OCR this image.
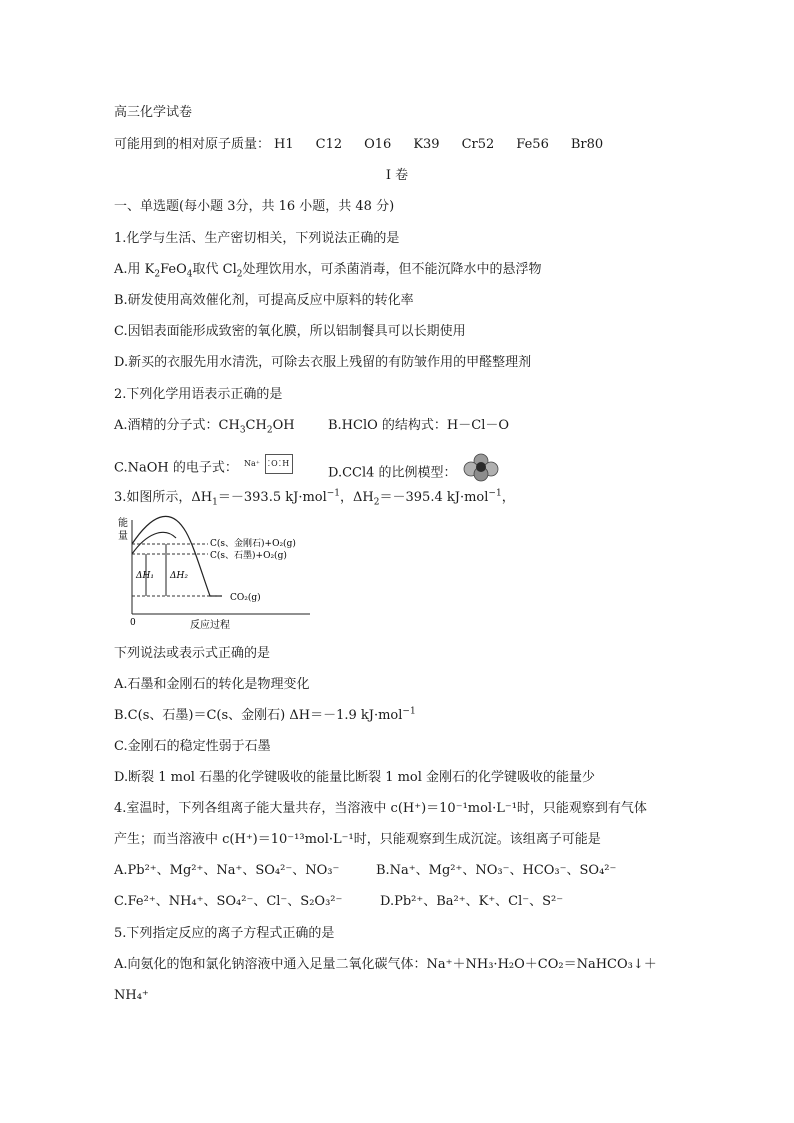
高三化学试卷
可能用到的相对原子质量： H1 C12 O16 K39 Cr52 Fe56 Br80
I 卷
一、单选题(每小题 3分，共 16 小题，共 48 分)
1.化学与生活、生产密切相关，下列说法正确的是
A.用 $K_2FeO_4$取代 $Cl_2$处理饮用水，可杀菌消毒，但不能沉降水中的悬浮物
B.研发使用高效催化剂，可提高反应中原料的转化率
C.因铝表面能形成致密的氧化膜，所以铝制餐具可以长期使用
D.新买的衣服先用水清洗，可除去衣服上残留的有防皱作用的甲醛整理剂
2.下列化学用语表示正确的是
A.酒精的分子式：$CH_3CH_2OH$	B.HClO 的结构式：H－Cl－O
C.NaOH 的电子式： Na⁺ ⁚O⁚H
D.CCl4 的比例模型：
3.如图所示，$\Delta H_1=-393.5$ kJ·mol$^{-1}$，$\Delta H_2=-395.4$ kJ·mol$^{-1}$，
能
量
0	反应过程
ΔH₁ ΔH₂
C(s、金刚石)+O₂(g)
C(s、石墨)+O₂(g)
CO₂(g)
下列说法或表示式正确的是
A.石墨和金刚石的转化是物理变化
B.C(s、石墨)＝C(s、金刚石) ΔH＝－1.9 kJ·mol$^{-1}$
C.金刚石的稳定性弱于石墨
D.断裂 1 mol 石墨的化学键吸收的能量比断裂 1 mol 金刚石的化学键吸收的能量少
4.室温时，下列各组离子能大量共存，当溶液中 c(H⁺)＝10⁻¹mol·L⁻¹时，只能观察到有气体
产生；而当溶液中 c(H⁺)＝10⁻¹³mol·L⁻¹时，只能观察到生成沉淀。该组离子可能是
A.Pb²⁺、Mg²⁺、Na⁺、SO₄²⁻、NO₃⁻	B.Na⁺、Mg²⁺、NO₃⁻、HCO₃⁻、SO₄²⁻
C.Fe²⁺、NH₄⁺、SO₄²⁻、Cl⁻、S₂O₃²⁻	D.Pb²⁺、Ba²⁺、K⁺、Cl⁻、S²⁻
5.下列指定反应的离子方程式正确的是
A.向氨化的饱和氯化钠溶液中通入足量二氧化碳气体：Na⁺＋NH₃·H₂O＋CO₂＝NaHCO₃↓＋
NH₄⁺
